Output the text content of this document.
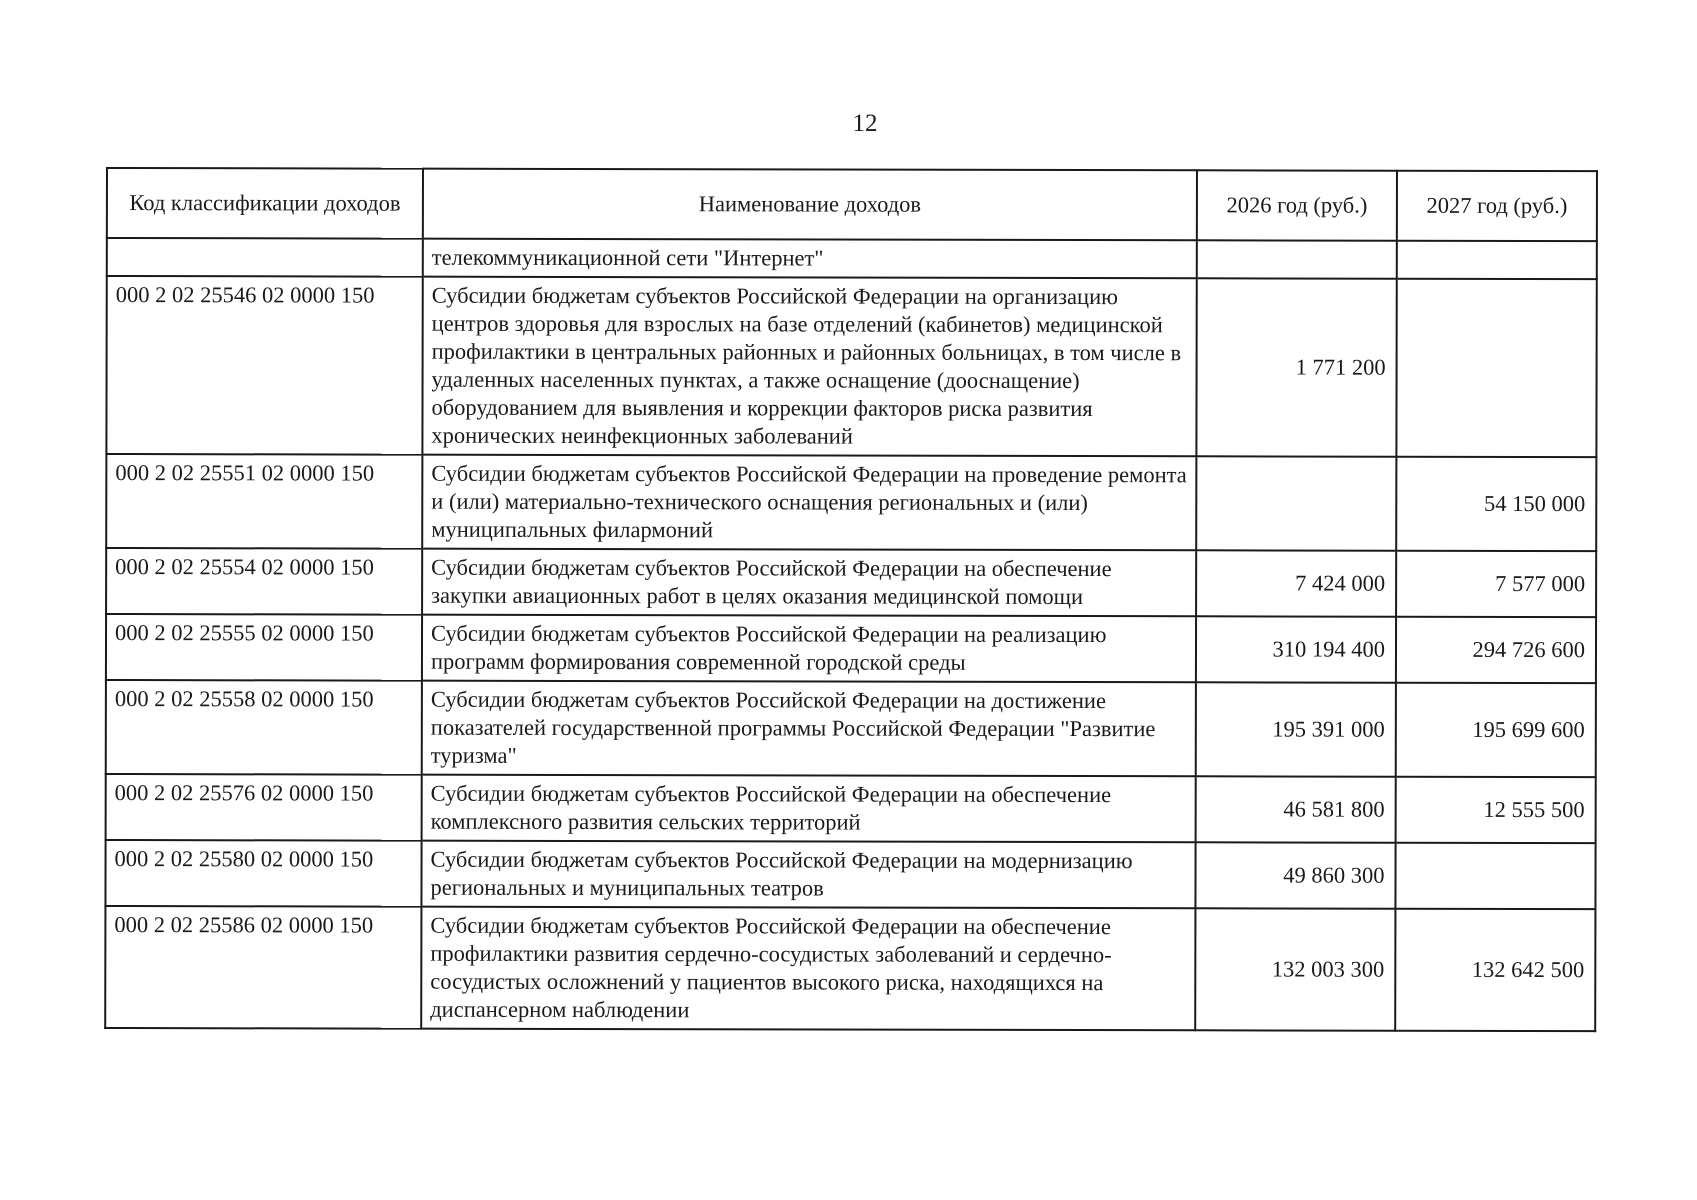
12
Код классификации доходов	Наименование доходов	2026 год (руб.)	2027 год (руб.)
	телекоммуникационной сети "Интернет"		
000 2 02 25546 02 0000 150	Субсидии бюджетам субъектов Российской Федерации на организацию центров здоровья для взрослых на базе отделений (кабинетов) медицинской профилактики в центральных районных и районных больницах, в том числе в удаленных населенных пунктах, а также оснащение (дооснащение) оборудованием для выявления и коррекции факторов риска развития хронических неинфекционных заболеваний	1 771 200	
000 2 02 25551 02 0000 150	Субсидии бюджетам субъектов Российской Федерации на проведение ремонта и (или) материально-технического оснащения региональных и (или) муниципальных филармоний		54 150 000
000 2 02 25554 02 0000 150	Субсидии бюджетам субъектов Российской Федерации на обеспечение закупки авиационных работ в целях оказания медицинской помощи	7 424 000	7 577 000
000 2 02 25555 02 0000 150	Субсидии бюджетам субъектов Российской Федерации на реализацию программ формирования современной городской среды	310 194 400	294 726 600
000 2 02 25558 02 0000 150	Субсидии бюджетам субъектов Российской Федерации на достижение показателей государственной программы Российской Федерации "Развитие туризма"	195 391 000	195 699 600
000 2 02 25576 02 0000 150	Субсидии бюджетам субъектов Российской Федерации на обеспечение комплексного развития сельских территорий	46 581 800	12 555 500
000 2 02 25580 02 0000 150	Субсидии бюджетам субъектов Российской Федерации на модернизацию региональных и муниципальных театров	49 860 300	
000 2 02 25586 02 0000 150	Субсидии бюджетам субъектов Российской Федерации на обеспечение профилактики развития сердечно-сосудистых заболеваний и сердечно-сосудистых осложнений у пациентов высокого риска, находящихся на диспансерном наблюдении	132 003 300	132 642 500
